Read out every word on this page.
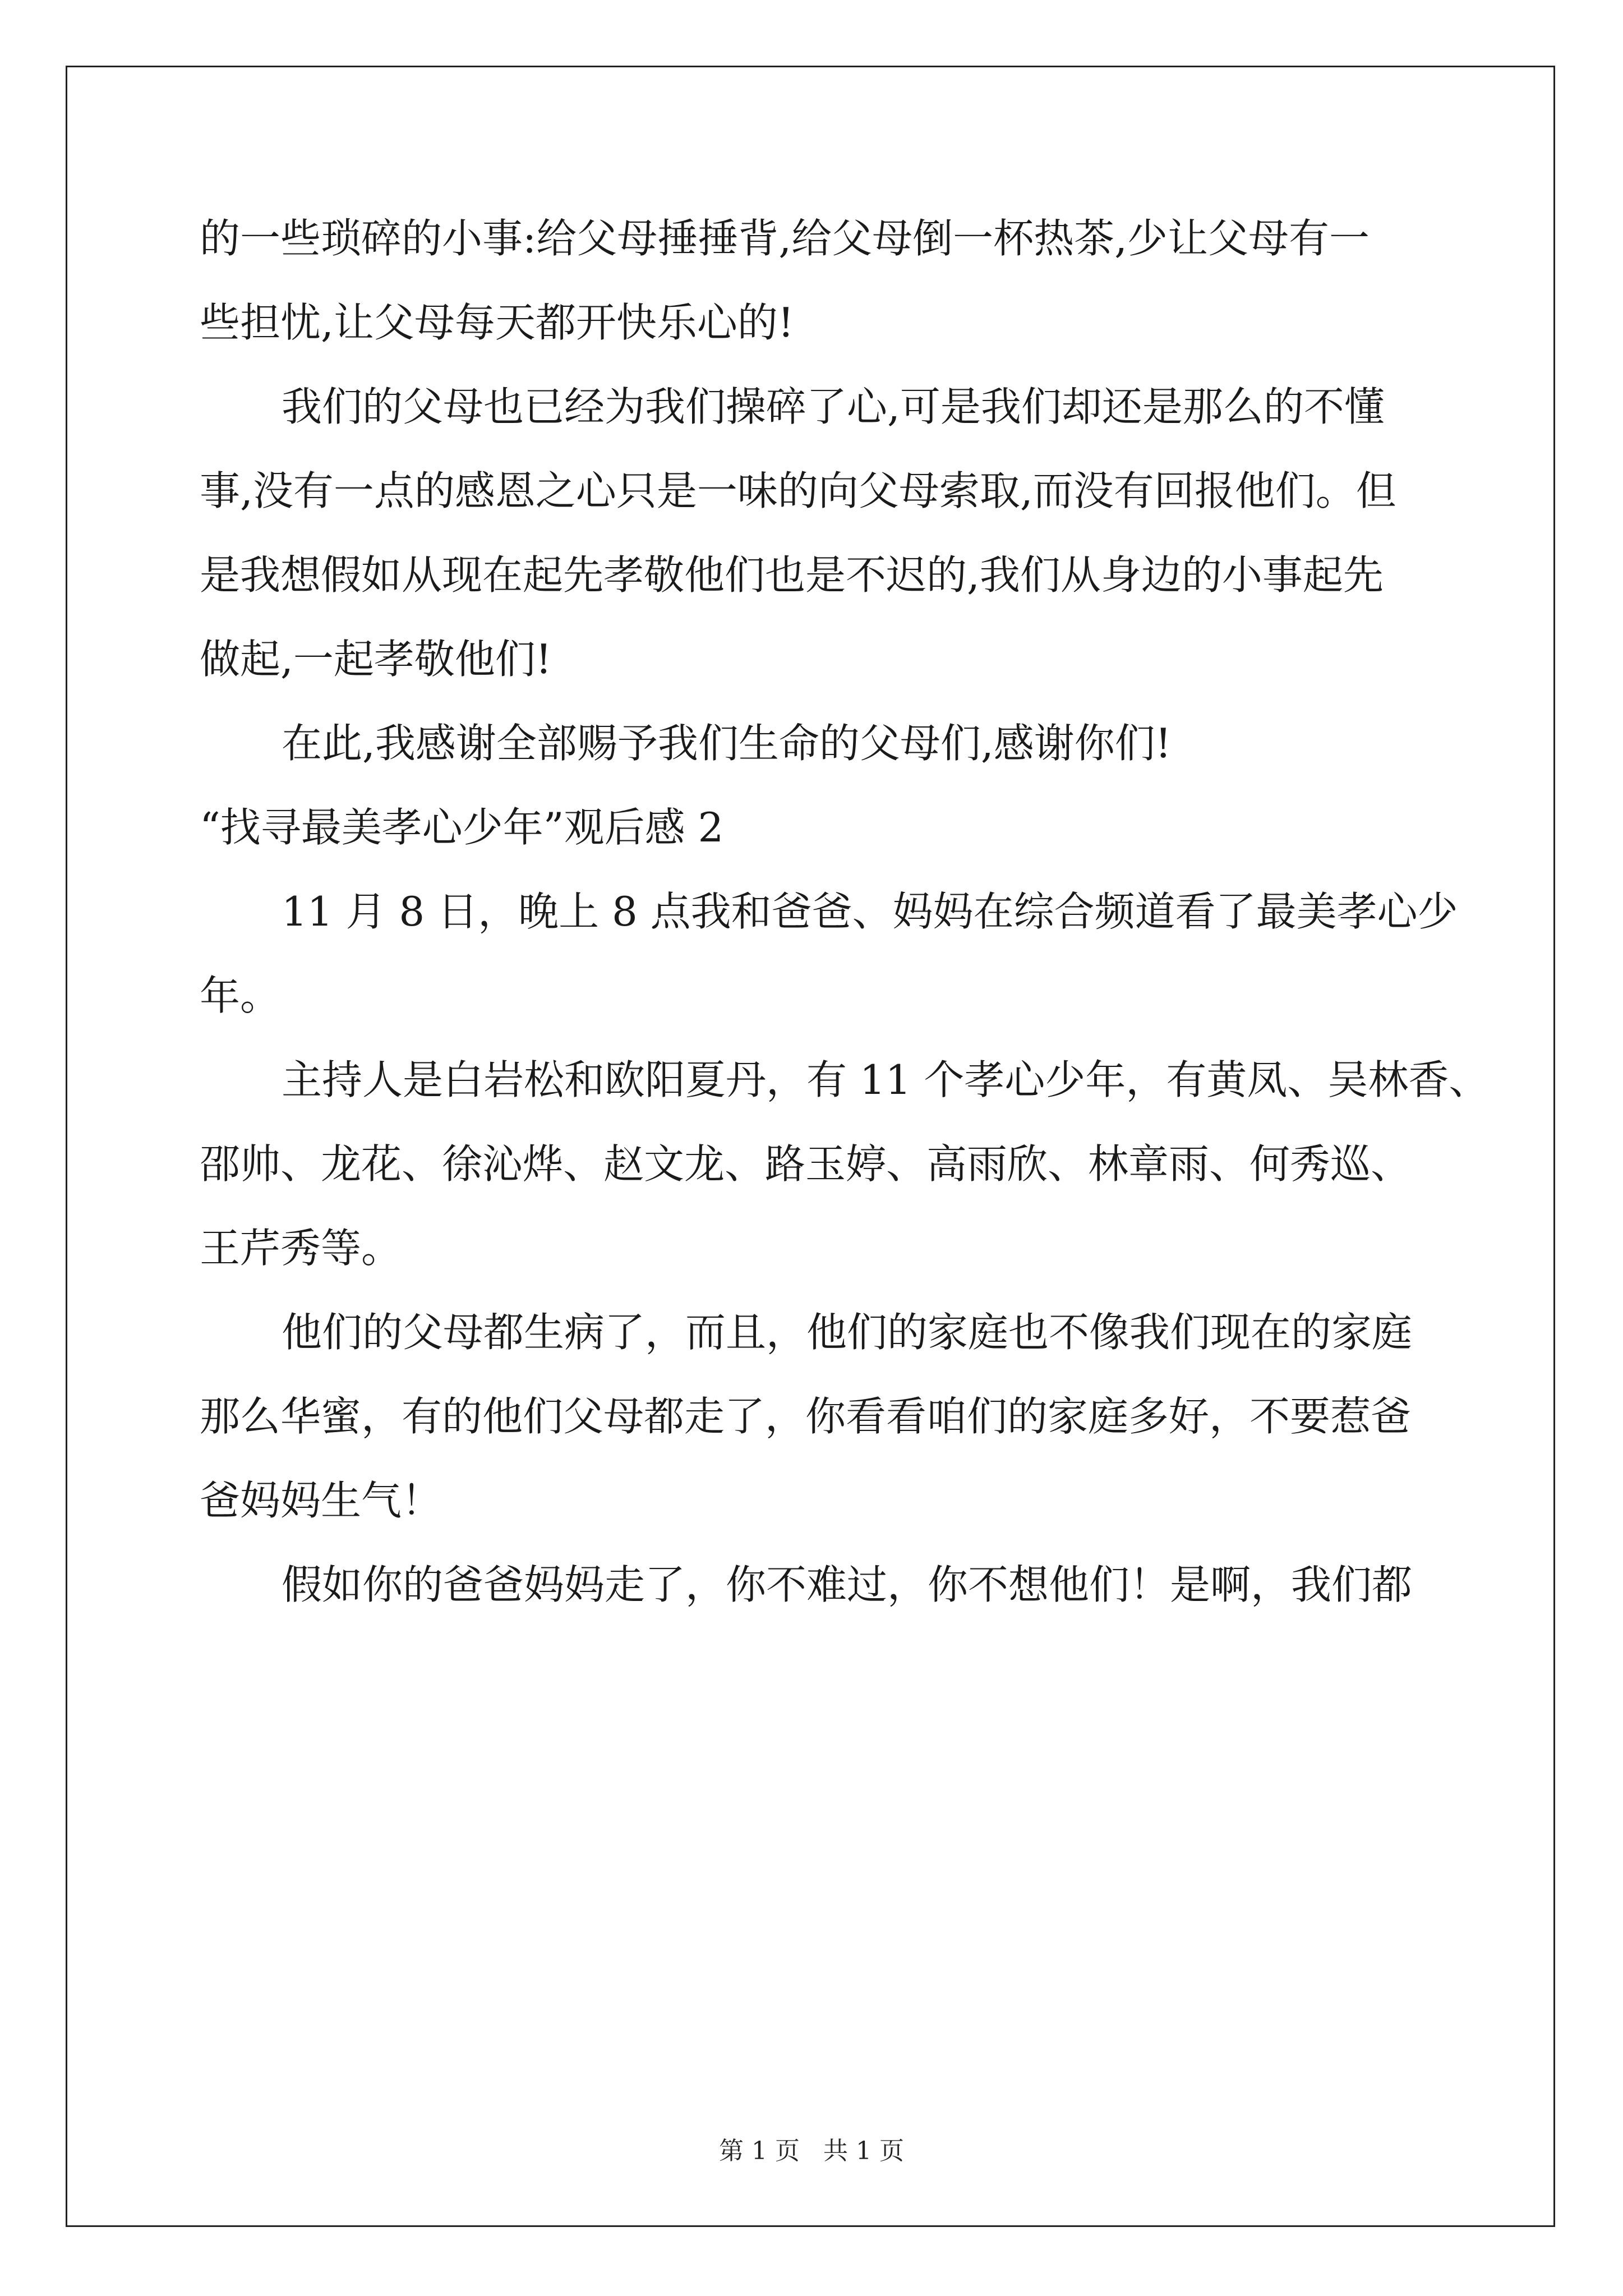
的一些琐碎的小事:给父母捶捶背,给父母倒一杯热茶,少让父母有一
些担忧,让父母每天都开快乐心的!
我们的父母也已经为我们操碎了心,可是我们却还是那么的不懂
事,没有一点的感恩之心只是一味的向父母索取,而没有回报他们。但
是我想假如从现在起先孝敬他们也是不迟的,我们从身边的小事起先
做起,一起孝敬他们!
在此,我感谢全部赐予我们生命的父母们,感谢你们!
“找寻最美孝心少年”观后感 2
11 月 8 日，晚上 8 点我和爸爸、妈妈在综合频道看了最美孝心少
年。
主持人是白岩松和欧阳夏丹，有 11 个孝心少年，有黄凤、吴林香、
邵帅、龙花、徐沁烨、赵文龙、路玉婷、高雨欣、林章雨、何秀巡、
王芹秀等。
他们的父母都生病了，而且，他们的家庭也不像我们现在的家庭
那么华蜜，有的他们父母都走了，你看看咱们的家庭多好，不要惹爸
爸妈妈生气！
假如你的爸爸妈妈走了，你不难过，你不想他们！是啊，我们都
第 1 页 共 1 页
